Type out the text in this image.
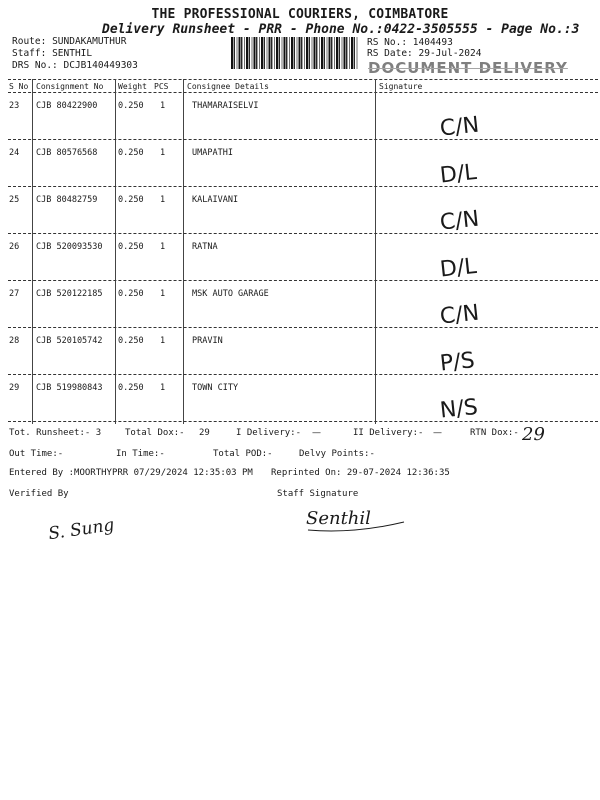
THE PROFESSIONAL COURIERS, COIMBATORE
Delivery Runsheet - PRR - Phone No.:0422-3505555 - Page No.:3
Route: SUNDAKAMUTHUR
Staff: SENTHIL
DRS No.: DCJB140449303
RS No.: 1404493
RS Date: 29-Jul-2024
DOCUMENT DELIVERY
S No Consignment No Weight PCS Consignee Details	Signature
23 CJB 80422900 0.250 1	THAMARAISELVI
C/N
24 CJB 80576568 0.250 1	UMAPATHI
D/L
25 CJB 80482759 0.250 1	KALAIVANI
C/N
26 CJB 520093530 0.250 1	RATNA
D/L
27 CJB 520122185 0.250 1	MSK AUTO GARAGE
C/N
28 CJB 520105742 0.250 1	PRAVIN
P/S
29 CJB 519980843 0.250 1	TOWN CITY
N/S
Tot. Runsheet:- 3	Total Dox:- 29	I Delivery:- —	II Delivery:- —	RTN Dox:- 29
Out Time:-	In Time:-	Total POD:-	Delvy Points:-
Entered By :MOORTHYPRR 07/29/2024 12:35:03 PM Reprinted On: 29-07-2024 12:36:35
Verified By	Staff Signature
S. Sung	Senthil
